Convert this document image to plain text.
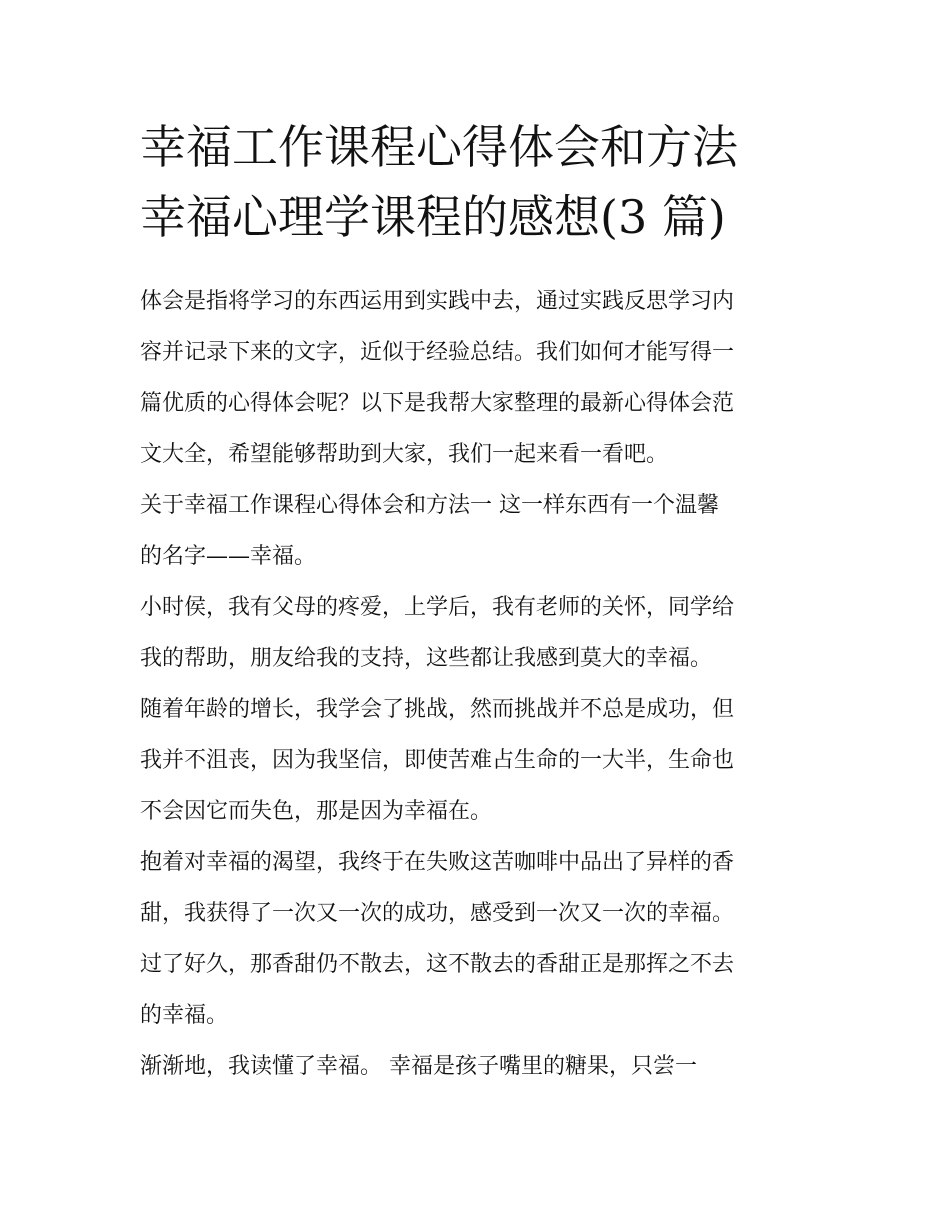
幸福工作课程心得体会和方法
幸福心理学课程的感想(3 篇)
体会是指将学习的东西运用到实践中去，通过实践反思学习内
容并记录下来的文字，近似于经验总结。我们如何才能写得一
篇优质的心得体会呢？以下是我帮大家整理的最新心得体会范
文大全，希望能够帮助到大家，我们一起来看一看吧。
关于幸福工作课程心得体会和方法一 这一样东西有一个温馨
的名字——幸福。
小时侯，我有父母的疼爱，上学后，我有老师的关怀，同学给
我的帮助，朋友给我的支持，这些都让我感到莫大的幸福。
随着年龄的增长，我学会了挑战，然而挑战并不总是成功，但
我并不沮丧，因为我坚信，即使苦难占生命的一大半，生命也
不会因它而失色，那是因为幸福在。
抱着对幸福的渴望，我终于在失败这苦咖啡中品出了异样的香
甜，我获得了一次又一次的成功，感受到一次又一次的幸福。
过了好久，那香甜仍不散去，这不散去的香甜正是那挥之不去
的幸福。
渐渐地，我读懂了幸福。 幸福是孩子嘴里的糖果，只尝一
